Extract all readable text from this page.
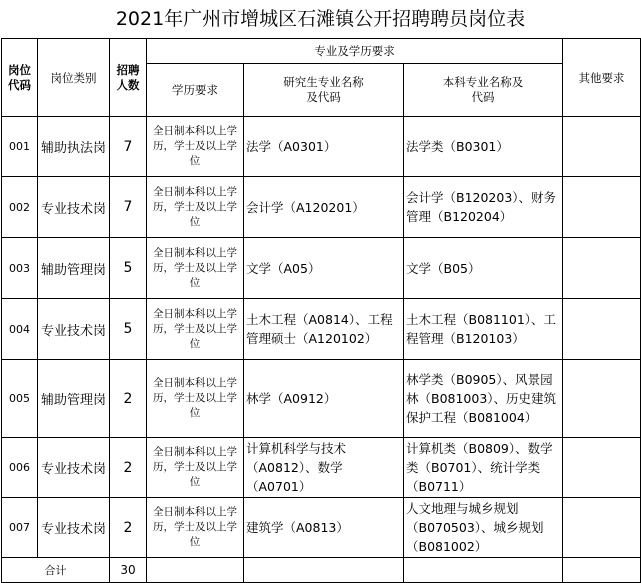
2021年广州市增城区石滩镇公开招聘聘员岗位表
岗位代码	岗位类别	招聘人数	专业及学历要求			其他要求
			学历要求	研究生专业名称及代码	本科专业名称及代码	
001	辅助执法岗	7	全日制本科以上学历，学士及以上学位	法学（A0301）	法学类（B0301）	
002	专业技术岗	7	全日制本科以上学历，学士及以上学位	会计学（A120201）	会计学（B120203）、财务管理（B120204）	
003	辅助管理岗	5	全日制本科以上学历，学士及以上学位	文学（A05）	文学（B05）	
004	专业技术岗	5	全日制本科以上学历，学士及以上学位	土木工程（A0814）、工程管理硕士（A120102）	土木工程（B081101）、工程管理（B120103）	
005	辅助管理岗	2	全日制本科以上学历，学士及以上学位	林学（A0912）	林学类（B0905）、风景园林（B081003）、历史建筑保护工程（B081004）	
006	专业技术岗	2	全日制本科以上学历，学士及以上学位	计算机科学与技术（A0812）、数学（A0701）	计算机类（B0809）、数学类（B0701）、统计学类（B0711）	
007	专业技术岗	2	全日制本科以上学历，学士及以上学位	建筑学（A0813）	人文地理与城乡规划（B070503）、城乡规划（B081002）	
合计		30				
